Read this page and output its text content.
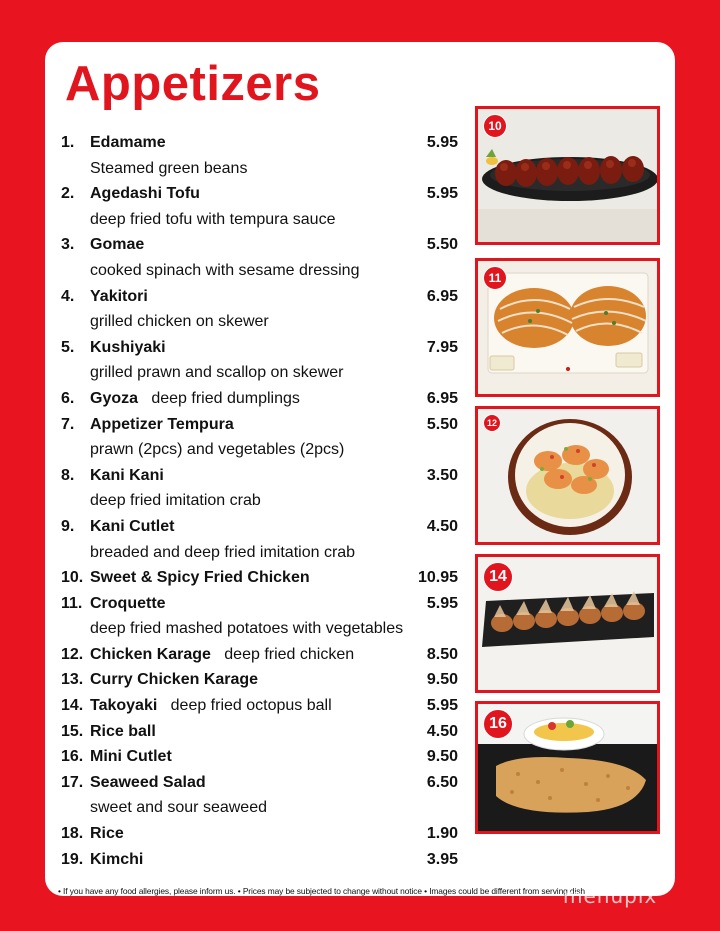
Appetizers
1. Edamame	5.95
Steamed green beans
2. Agedashi Tofu	5.95
deep fried tofu with tempura sauce
3. Gomae	5.50
cooked spinach with sesame dressing
4. Yakitori	6.95
grilled chicken on skewer
5. Kushiyaki	7.95
grilled prawn and scallop on skewer
6. Gyoza deep fried dumplings	6.95
7. Appetizer Tempura	5.50
prawn (2pcs) and vegetables (2pcs)
8. Kani Kani	3.50
deep fried imitation crab
9. Kani Cutlet	4.50
breaded and deep fried imitation crab
10. Sweet & Spicy Fried Chicken	10.95
11. Croquette	5.95
deep fried mashed potatoes with vegetables
12. Chicken Karage deep fried chicken	8.50
13. Curry Chicken Karage	9.50
14. Takoyaki deep fried octopus ball	5.95
15. Rice ball	4.50
16. Mini Cutlet	9.50
17. Seaweed Salad	6.50
sweet and sour seaweed
18. Rice	1.90
19. Kimchi	3.95
10
11
12
14
16
• If you have any food allergies, please inform us. • Prices may be subjected to change without notice • Images could be different from serving dish
menupix
